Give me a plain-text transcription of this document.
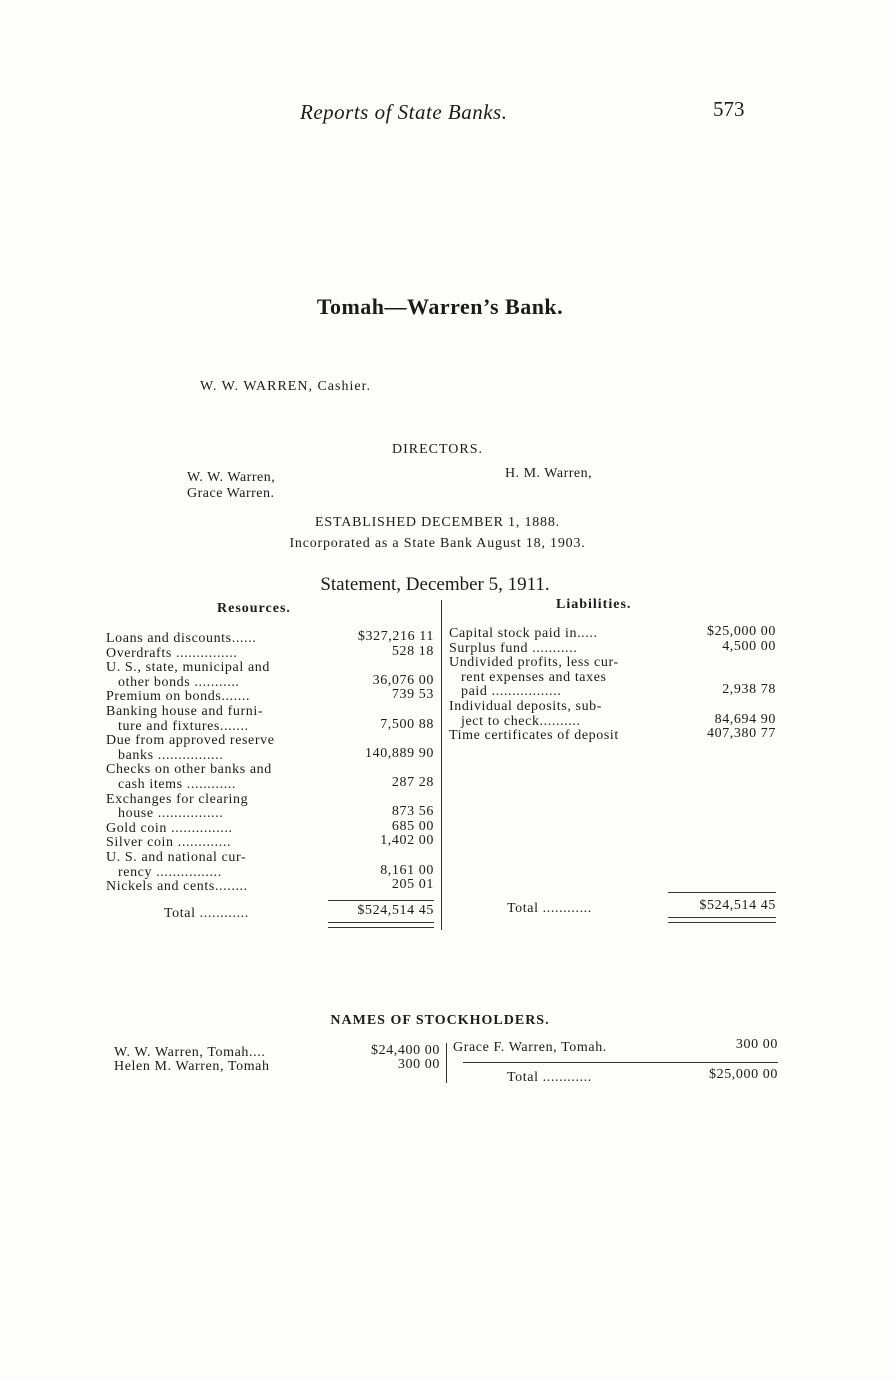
Reports of State Banks.	573
Tomah—Warren’s Bank.
W. W. WARREN, Cashier.
DIRECTORS.
W. W. Warren,	H. M. Warren,
Grace Warren.
ESTABLISHED DECEMBER 1, 1888.
Incorporated as a State Bank August 18, 1903.
Statement, December 5, 1911.
Resources.	Liabilities.
Loans and discounts......	$327,216 11
Overdrafts ...............	528 18
U. S., state, municipal and
other bonds ...........	36,076 00
Premium on bonds.......	739 53
Banking house and furni-
ture and fixtures.......	7,500 88
Due from approved reserve
banks ................	140,889 90
Checks on other banks and
cash items ............	287 28
Exchanges for clearing
house ................	873 56
Gold coin ...............	685 00
Silver coin .............	1,402 00
U. S. and national cur-
rency ................	8,161 00
Nickels and cents........	205 01
Total ............	$524,514 45
Capital stock paid in.....	$25,000 00
Surplus fund ...........	4,500 00
Undivided profits, less cur-
rent expenses and taxes
paid .................	2,938 78
Individual deposits, sub-
ject to check..........	84,694 90
Time certificates of deposit	407,380 77
Total ............	$524,514 45
NAMES OF STOCKHOLDERS.
W. W. Warren, Tomah....	$24,400 00
Helen M. Warren, Tomah	300 00
Grace F. Warren, Tomah.	300 00
Total ............	$25,000 00
